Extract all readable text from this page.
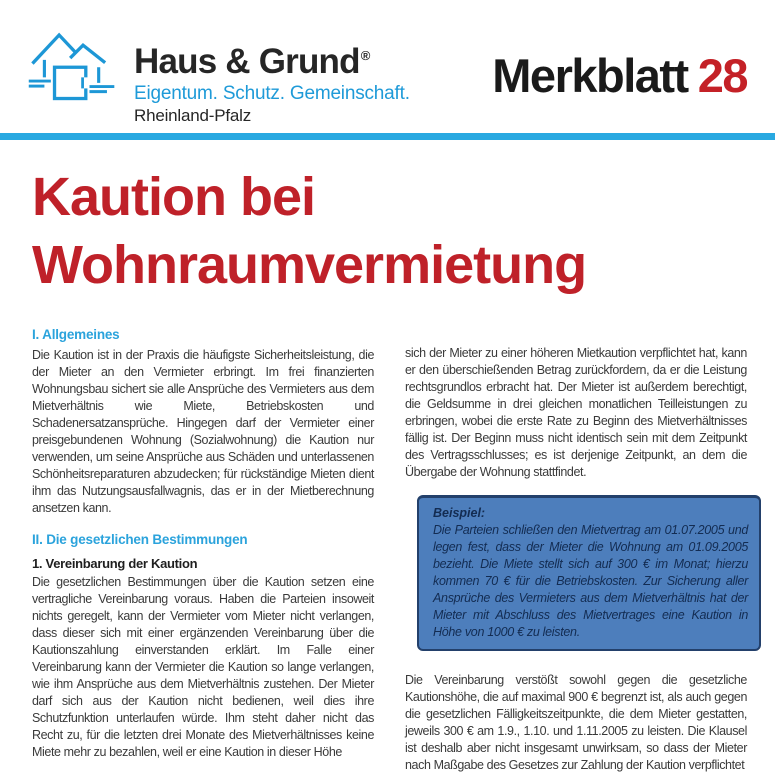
Haus & Grund®
Eigentum. Schutz. Gemeinschaft.
Rheinland-Pfalz
Merkblatt 28
Kaution bei Wohnraumvermietung
I. Allgemeines

Die Kaution ist in der Praxis die häufigste Sicherheitsleistung, die der Mieter an den Vermieter erbringt. Im frei finanzierten Wohnungsbau sichert sie alle Ansprüche des Vermieters aus dem Mietverhältnis wie Miete, Betriebskosten und Schadenersatzansprüche. Hingegen darf der Vermieter einer preisgebundenen Wohnung (Sozialwohnung) die Kaution nur verwenden, um seine Ansprüche aus Schäden und unterlassenen Schönheitsreparaturen abzudecken; für rückständige Mieten dient ihm das Nutzungsausfallwagnis, das er in der Mietberechnung ansetzen kann.

II. Die gesetzlichen Bestimmungen
1. Vereinbarung der Kaution

Die gesetzlichen Bestimmungen über die Kaution setzen eine vertragliche Vereinbarung voraus. Haben die Parteien insoweit nichts geregelt, kann der Vermieter vom Mieter nicht verlangen, dass dieser sich mit einer ergänzenden Vereinbarung über die Kautionszahlung einverstanden erklärt. Im Falle einer Vereinbarung kann der Vermieter die Kaution so lange verlangen, wie ihm Ansprüche aus dem Mietverhältnis zustehen. Der Mieter darf sich aus der Kaution nicht bedienen, weil dies ihre Schutzfunktion unterlaufen würde. Ihm steht daher nicht das Recht zu, für die letzten drei Monate des Mietverhältnisses keine Miete mehr zu bezahlen, weil er eine Kaution in dieser Höhe

sich der Mieter zu einer höheren Mietkaution verpflichtet hat, kann er den überschießenden Betrag zurückfordern, da er die Leistung rechtsgrundlos erbracht hat. Der Mieter ist außerdem berechtigt, die Geldsumme in drei gleichen monatlichen Teilleistungen zu erbringen, wobei die erste Rate zu Beginn des Mietverhältnisses fällig ist. Der Beginn muss nicht identisch sein mit dem Zeitpunkt des Vertragsschlusses; es ist derjenige Zeitpunkt, an dem die Übergabe der Wohnung stattfindet.

Beispiel:

Die Parteien schließen den Mietvertrag am 01.07.2005 und legen fest, dass der Mieter die Wohnung am 01.09.2005 bezieht. Die Miete stellt sich auf 300 € im Monat; hierzu kommen 70 € für die Betriebskosten. Zur Sicherung aller Ansprüche des Vermieters aus dem Mietverhältnis hat der Mieter mit Abschluss des Mietvertrages eine Kaution in Höhe von 1000 € zu leisten.

Die Vereinbarung verstößt sowohl gegen die gesetzliche Kautionshöhe, die auf maximal 900 € begrenzt ist, als auch gegen die gesetzlichen Fälligkeitszeitpunkte, die dem Mieter gestatten, jeweils 300 € am 1.9., 1.10. und 1.11.2005 zu leisten. Die Klausel ist deshalb aber nicht insgesamt unwirksam, so dass der Mieter nach Maßgabe des Gesetzes zur Zahlung der Kaution verpflichtet
